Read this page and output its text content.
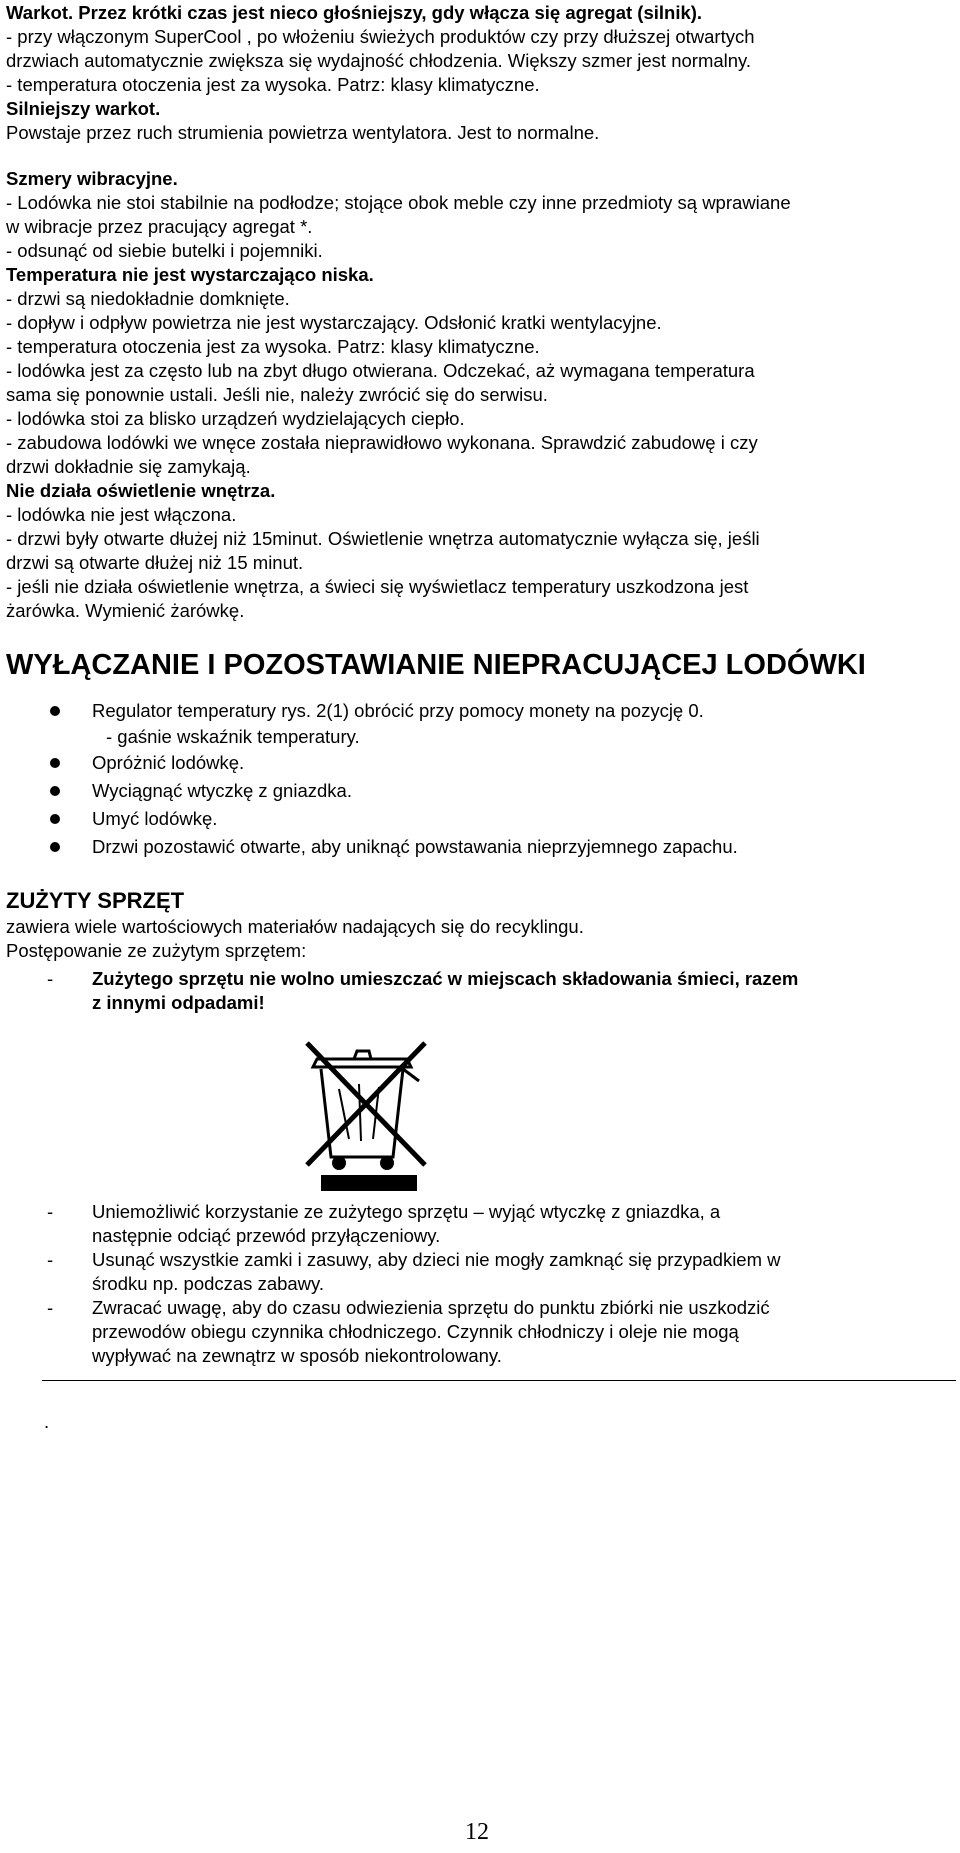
Warkot. Przez krótki czas jest nieco głośniejszy, gdy włącza się agregat (silnik).
- przy włączonym SuperCool , po włożeniu świeżych produktów czy przy dłuższej otwartych
drzwiach automatycznie zwiększa się wydajność chłodzenia. Większy szmer jest normalny.
- temperatura otoczenia jest za wysoka. Patrz: klasy klimatyczne.
Silniejszy warkot.
Powstaje przez ruch strumienia powietrza wentylatora. Jest to normalne.
Szmery wibracyjne.
- Lodówka nie stoi stabilnie na podłodze; stojące obok meble czy inne przedmioty są wprawiane
w wibracje przez pracujący agregat *.
- odsunąć od siebie butelki i pojemniki.
Temperatura nie jest wystarczająco niska.
- drzwi są niedokładnie domknięte.
- dopływ i odpływ powietrza nie jest wystarczający. Odsłonić kratki wentylacyjne.
- temperatura otoczenia jest za wysoka. Patrz: klasy klimatyczne.
- lodówka jest za często lub na zbyt długo otwierana. Odczekać, aż wymagana temperatura
sama się ponownie ustali. Jeśli nie, należy zwrócić się do serwisu.
- lodówka stoi za blisko urządzeń wydzielających ciepło.
- zabudowa lodówki we wnęce została nieprawidłowo wykonana. Sprawdzić zabudowę i czy
drzwi dokładnie się zamykają.
Nie działa oświetlenie wnętrza.
- lodówka nie jest włączona.
- drzwi były otwarte dłużej niż 15minut. Oświetlenie wnętrza automatycznie wyłącza się, jeśli
drzwi są otwarte dłużej niż 15 minut.
- jeśli nie działa oświetlenie wnętrza, a świeci się wyświetlacz temperatury uszkodzona jest
żarówka. Wymienić żarówkę.
WYŁĄCZANIE I POZOSTAWIANIE NIEPRACUJĄCEJ LODÓWKI
Regulator temperatury rys. 2(1) obrócić przy pomocy monety na pozycję 0.
- gaśnie wskaźnik temperatury.
Opróżnić lodówkę.
Wyciągnąć wtyczkę z gniazdka.
Umyć lodówkę.
Drzwi pozostawić otwarte, aby uniknąć powstawania nieprzyjemnego zapachu.
ZUŻYTY SPRZĘT
zawiera wiele wartościowych materiałów nadających się do recyklingu.
Postępowanie ze zużytym sprzętem:
- Zużytego sprzętu nie wolno umieszczać w miejscach składowania śmieci, razem
z innymi odpadami!
- Uniemożliwić korzystanie ze zużytego sprzętu – wyjąć wtyczkę z gniazdka, a
następnie odciąć przewód przyłączeniowy.
- Usunąć wszystkie zamki i zasuwy, aby dzieci nie mogły zamknąć się przypadkiem w
środku np. podczas zabawy.
- Zwracać uwagę, aby do czasu odwiezienia sprzętu do punktu zbiórki nie uszkodzić
przewodów obiegu czynnika chłodniczego. Czynnik chłodniczy i oleje nie mogą
wypływać na zewnątrz w sposób niekontrolowany.
.
12
